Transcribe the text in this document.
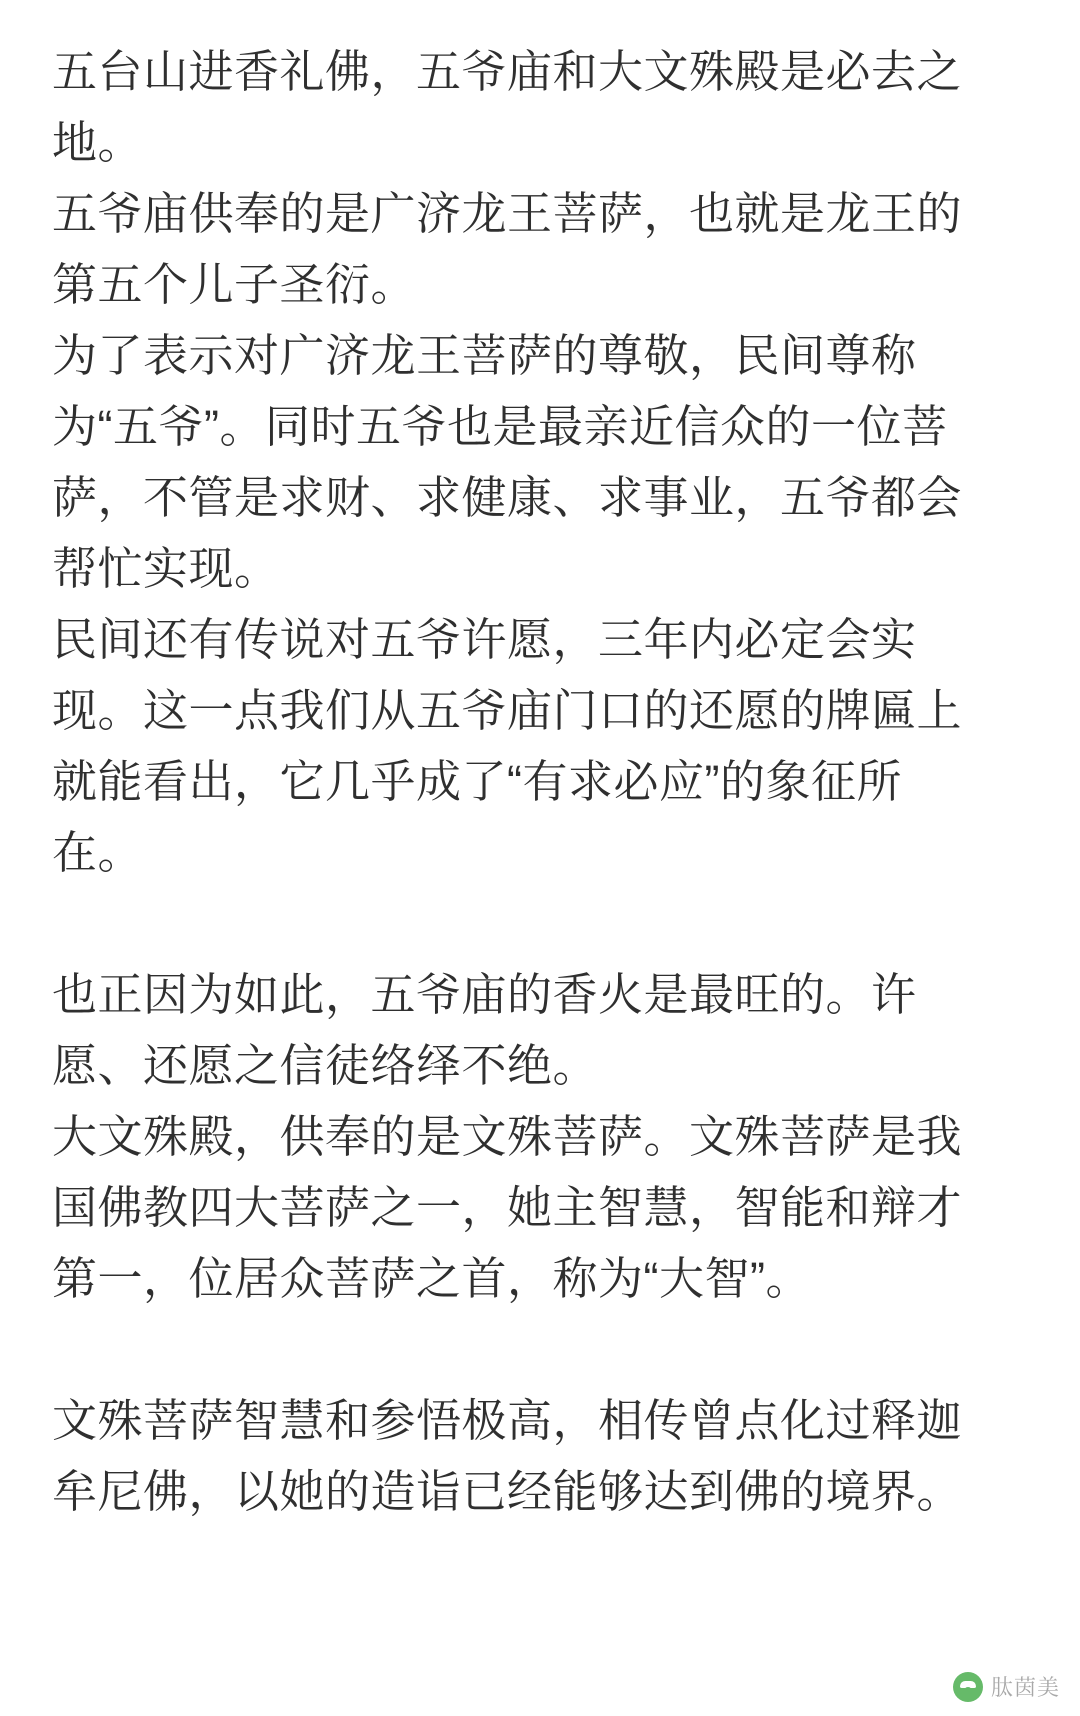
五台山进香礼佛，五爷庙和大文殊殿是必去之地。

五爷庙供奉的是广济龙王菩萨，也就是龙王的第五个儿子圣衍。

为了表示对广济龙王菩萨的尊敬，民间尊称为“五爷”。同时五爷也是最亲近信众的一位菩萨，不管是求财、求健康、求事业，五爷都会帮忙实现。

民间还有传说对五爷许愿，三年内必定会实现。这一点我们从五爷庙门口的还愿的牌匾上就能看出，它几乎成了“有求必应”的象征所在。

也正因为如此，五爷庙的香火是最旺的。许愿、还愿之信徒络绎不绝。

大文殊殿，供奉的是文殊菩萨。文殊菩萨是我国佛教四大菩萨之一，她主智慧，智能和辩才第一，位居众菩萨之首，称为“大智”。

文殊菩萨智慧和参悟极高，相传曾点化过释迦牟尼佛，以她的造诣已经能够达到佛的境界。

肽茵美
